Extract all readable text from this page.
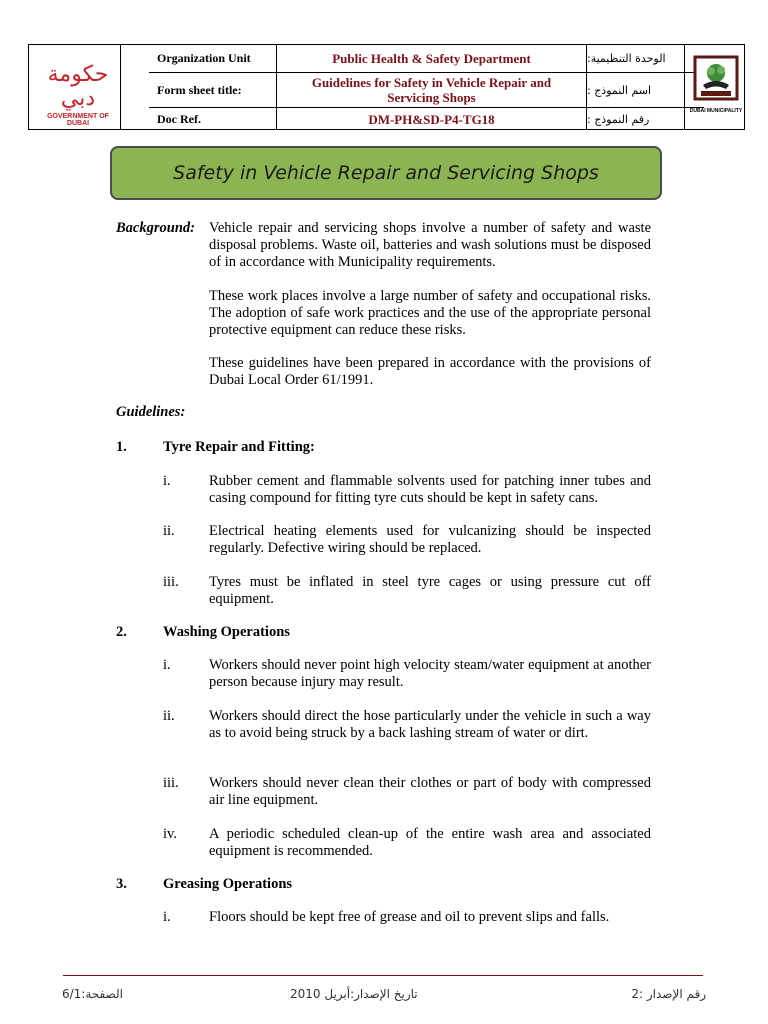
حكومة دبي
GOVERNMENT OF DUBAI
Organization Unit	Public Health & Safety Department	الوحدة التنظيمية:
Form sheet title:	Guidelines for Safety in Vehicle Repair and Servicing Shops	اسم النموذج :
Doc Ref.	DM-PH&SD-P4-TG18	رقم النموذج :
DUBAI MUNICIPALITY
Safety in Vehicle Repair and Servicing Shops
Background: Vehicle repair and servicing shops involve a number of safety and waste disposal problems. Waste oil, batteries and wash solutions must be disposed of in accordance with Municipality requirements.
These work places involve a large number of safety and occupational risks. The adoption of safe work practices and the use of the appropriate personal protective equipment can reduce these risks.
These guidelines have been prepared in accordance with the provisions of Dubai Local Order 61/1991.
Guidelines:
1. Tyre Repair and Fitting:
i.	Rubber cement and flammable solvents used for patching inner tubes and casing compound for fitting tyre cuts should be kept in safety cans.
ii. Electrical heating elements used for vulcanizing should be inspected regularly. Defective wiring should be replaced.
iii. Tyres must be inflated in steel tyre cages or using pressure cut off equipment.
2. Washing Operations
i.	Workers should never point high velocity steam/water equipment at another person because injury may result.
ii. Workers should direct the hose particularly under the vehicle in such a way as to avoid being struck by a back lashing stream of water or dirt.
iii. Workers should never clean their clothes or part of body with compressed air line equipment.
iv. A periodic scheduled clean-up of the entire wash area and associated equipment is recommended.
3. Greasing Operations
i.	Floors should be kept free of grease and oil to prevent slips and falls.
الصفحة:6/1	تاريخ الإصدار:أبريل 2010	رقم الإصدار :2
